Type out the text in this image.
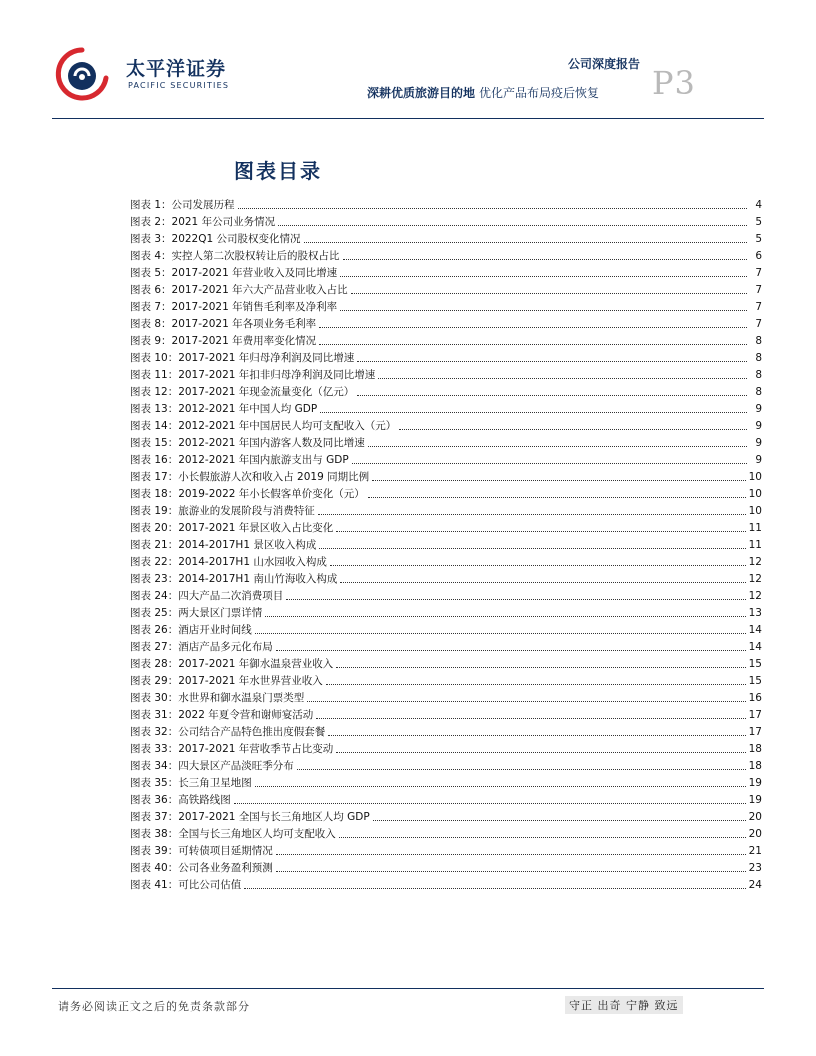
太平洋证券
PACIFIC SECURITIES
公司深度报告 P3
深耕优质旅游目的地 优化产品布局疫后恢复
图表目录
图表 1：公司发展历程	4
图表 2：2021 年公司业务情况	5
图表 3：2022Q1 公司股权变化情况	5
图表 4：实控人第二次股权转让后的股权占比	6
图表 5：2017-2021 年营业收入及同比增速	7
图表 6：2017-2021 年六大产品营业收入占比	7
图表 7：2017-2021 年销售毛利率及净利率	7
图表 8：2017-2021 年各项业务毛利率	7
图表 9：2017-2021 年费用率变化情况	8
图表 10：2017-2021 年归母净利润及同比增速	8
图表 11：2017-2021 年扣非归母净利润及同比增速	8
图表 12：2017-2021 年现金流量变化（亿元）	8
图表 13：2012-2021 年中国人均 GDP	9
图表 14：2012-2021 年中国居民人均可支配收入（元）	9
图表 15：2012-2021 年国内游客人数及同比增速	9
图表 16：2012-2021 年国内旅游支出与 GDP	9
图表 17：小长假旅游人次和收入占 2019 同期比例	10
图表 18：2019-2022 年小长假客单价变化（元）	10
图表 19：旅游业的发展阶段与消费特征	10
图表 20：2017-2021 年景区收入占比变化	11
图表 21：2014-2017H1 景区收入构成	11
图表 22：2014-2017H1 山水园收入构成	12
图表 23：2014-2017H1 南山竹海收入构成	12
图表 24：四大产品二次消费项目	12
图表 25：两大景区门票详情	13
图表 26：酒店开业时间线	14
图表 27：酒店产品多元化布局	14
图表 28：2017-2021 年御水温泉营业收入	15
图表 29：2017-2021 年水世界营业收入	15
图表 30：水世界和御水温泉门票类型	16
图表 31：2022 年夏令营和谢师宴活动	17
图表 32：公司结合产品特色推出度假套餐	17
图表 33：2017-2021 年营收季节占比变动	18
图表 34：四大景区产品淡旺季分布	18
图表 35：长三角卫星地图	19
图表 36：高铁路线图	19
图表 37：2017-2021 全国与长三角地区人均 GDP	20
图表 38：全国与长三角地区人均可支配收入	20
图表 39：可转债项目延期情况	21
图表 40：公司各业务盈利预测	23
图表 41：可比公司估值	24
请务必阅读正文之后的免责条款部分	守正 出奇 宁静 致远
